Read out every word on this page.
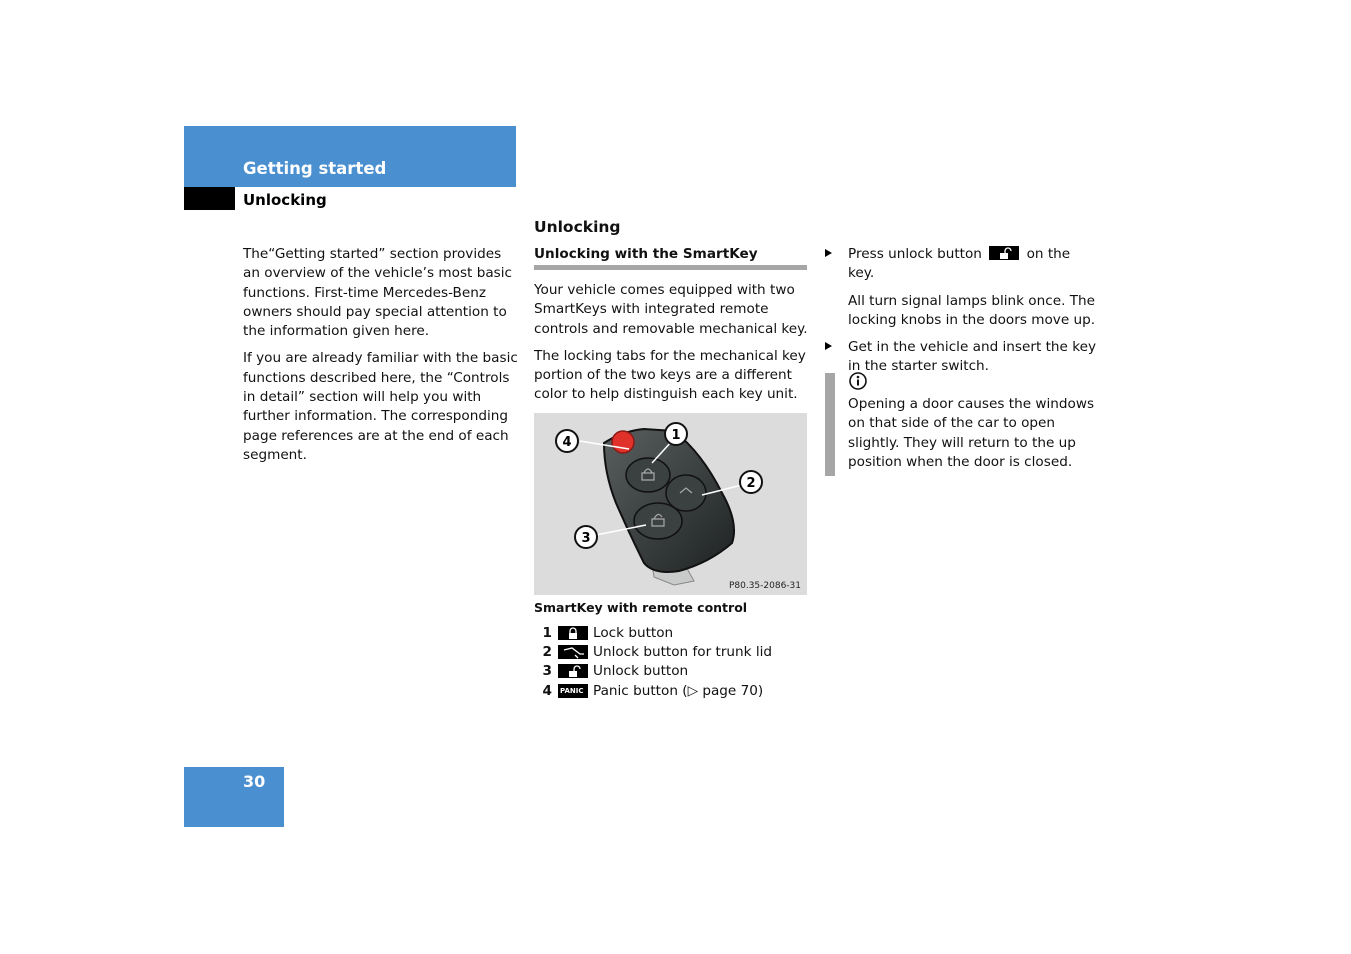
Getting started
Unlocking

The“Getting started” section provides an overview of the vehicle’s most basic functions. First-time Mercedes-Benz owners should pay special attention to the information given here.

If you are already familiar with the basic functions described here, the “Controls in detail” section will help you with further information. The corresponding page references are at the end of each segment.

Unlocking
Unlocking with the SmartKey

Your vehicle comes equipped with two SmartKeys with integrated remote controls and removable mechanical key.

The locking tabs for the mechanical key portion of the two keys are a different color to help distinguish each key unit.

4	1
2
3
P80.35-2086-31
SmartKey with remote control
1	Lock button
2	Unlock button for trunk lid
3	Unlock button
4 PANIC Panic button (▷ page 70)
Press unlock button	on the key.

All turn signal lamps blink once. The locking knobs in the doors move up.

Get in the vehicle and insert the key in the starter switch.
Opening a door causes the windows on that side of the car to open slightly. They will return to the up position when the door is closed.
30
